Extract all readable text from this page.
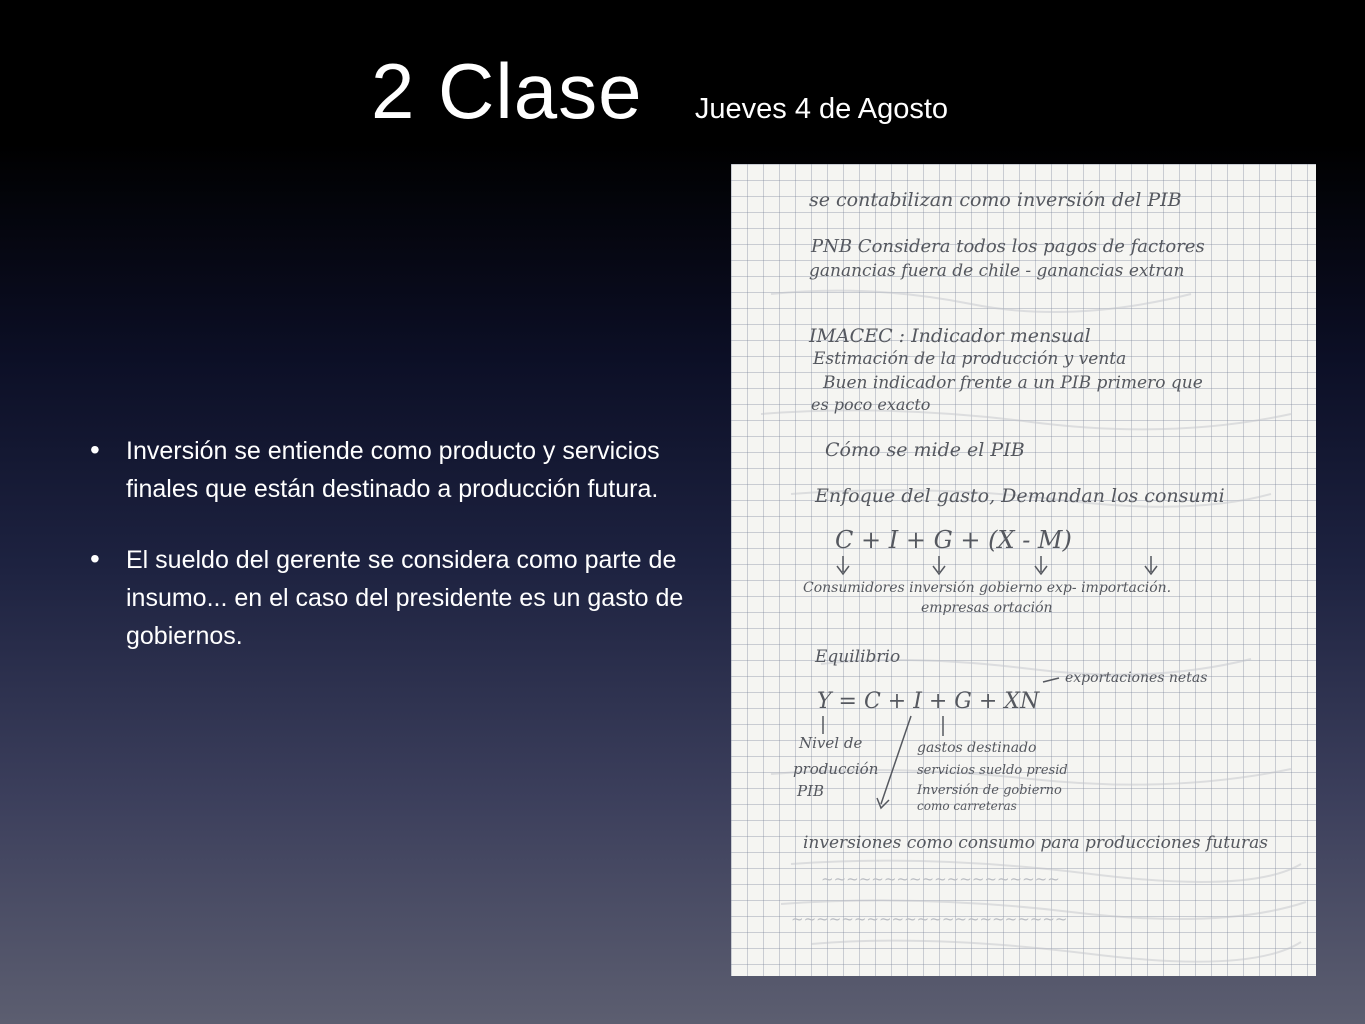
2 Clase Jueves 4 de Agosto
• Inversión se entiende como producto y servicios finales que están destinado a producción futura.
• El sueldo del gerente se considera como parte de insumo... en el caso del presidente es un gasto de gobiernos.
se contabilizan como inversión del PIB
PNB Considera todos los pagos de factores
ganancias fuera de chile - ganancias extran
IMACEC : Indicador mensual
Estimación de la producción y venta
Buen indicador frente a un PIB primero que
es poco exacto
Cómo se mide el PIB
Enfoque del gasto, Demandan los consumi
C + I + G + (X - M)
Consumidores inversión gobierno exp- importación.
empresas ortación
Equilibrio
exportaciones netas
Y = C + I + G + XN
Nivel de
producción
PIB
gastos destinado
servicios sueldo presid
Inversión de gobierno
como carreteras
inversiones como consumo para producciones futuras
~~~~~~~~~~~~~~~~~~~
~~~~~~~~~~~~~~~~~~~~~~
